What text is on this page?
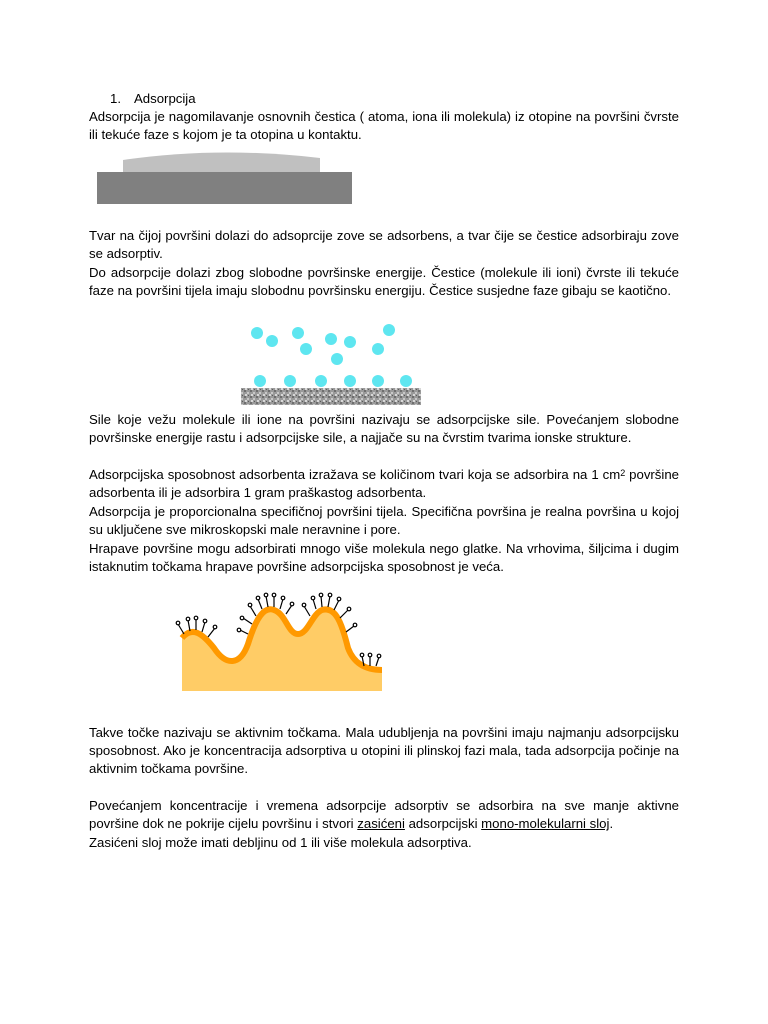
1. Adsorpcija
Adsorpcija je nagomilavanje osnovnih čestica ( atoma, iona ili molekula) iz otopine na površini čvrste ili tekuće faze s kojom je ta otopina u kontaktu.
Tvar na čijoj površini dolazi do adsoprcije zove se adsorbens, a tvar čije se čestice adsorbiraju zove se adsorptiv.
Do adsorpcije dolazi zbog slobodne površinske energije. Čestice (molekule ili ioni) čvrste ili tekuće faze na površini tijela imaju slobodnu površinsku energiju. Čestice susjedne faze gibaju se kaotično.
Sile koje vežu molekule ili ione na površini nazivaju se adsorpcijske sile. Povećanjem slobodne površinske energije rastu i adsorpcijske sile, a najjače su na čvrstim tvarima ionske strukture.
Adsorpcijska sposobnost adsorbenta izražava se količinom tvari koja se adsorbira na 1 $cm^2$ površine adsorbenta ili je adsorbira 1 gram praškastog adsorbenta.
Adsorpcija je proporcionalna specifičnoj površini tijela. Specifična površina je realna površina u kojoj su uključene sve mikroskopski male neravnine i pore.
Hrapave površine mogu adsorbirati mnogo više molekula nego glatke. Na vrhovima, šiljcima i dugim istaknutim točkama hrapave površine adsorpcijska sposobnost je veća.
Takve točke nazivaju se aktivnim točkama. Mala udubljenja na površini imaju najmanju adsorpcijsku sposobnost. Ako je koncentracija adsorptiva u otopini ili plinskoj fazi mala, tada adsorpcija počinje na aktivnim točkama površine.
Povećanjem koncentracije i vremena adsorpcije adsorptiv se adsorbira na sve manje aktivne površine dok ne pokrije cijelu površinu i stvori zasićeni adsorpcijski mono-molekularni sloj.
Zasićeni sloj može imati debljinu od 1 ili više molekula adsorptiva.
